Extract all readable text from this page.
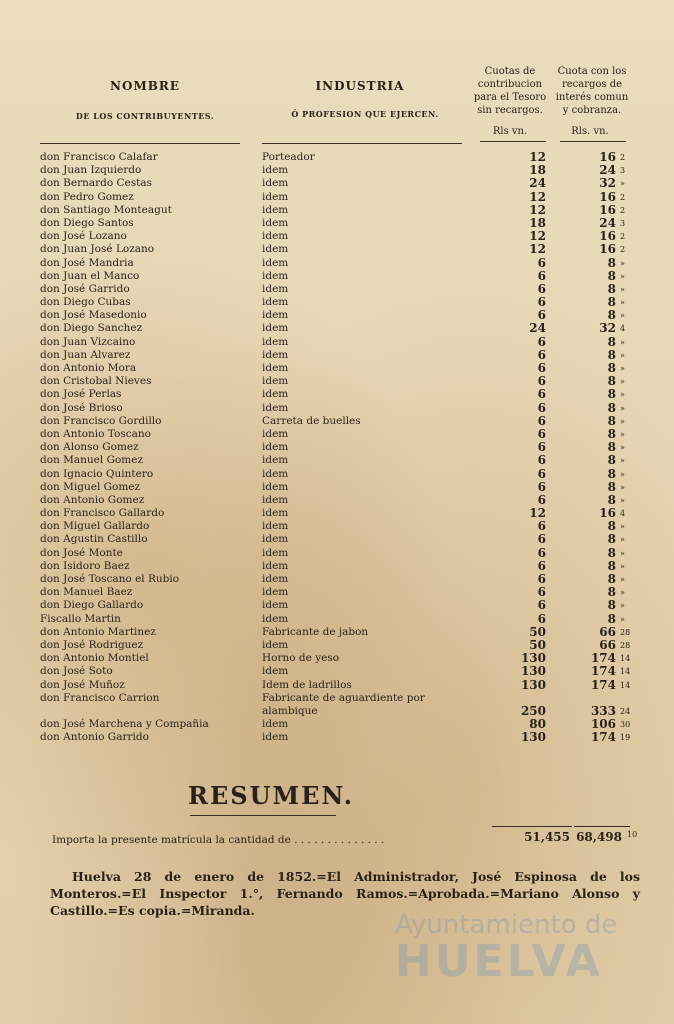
NOMBRE
DE LOS CONTRIBUYENTES.
INDUSTRIA
Ó PROFESION QUE EJERCEN.
Cuotas de contribucion para el Tesoro sin recargos.
Cuota con los recargos de interés comun y cobranza.
Rls vn.	Rls. vn.
don Francisco Calafar	Porteador	12	16 2
don Juan Izquierdo	idem	18	24 3
don Bernardo Cestas	idem	24	32 »
don Pedro Gomez	idem	12	16 2
don Santiago Monteagut	idem	12	16 2
don Diego Santos	idem	18	24 3
don José Lozano	idem	12	16 2
don Juan José Lozano	idem	12	16 2
don José Mandria	idem	6	8 »
don Juan el Manco	idem	6	8 »
don José Garrido	idem	6	8 »
don Diego Cubas	idem	6	8 »
don José Masedonio	idem	6	8 »
don Diego Sanchez	idem	24	32 4
don Juan Vizcaino	idem	6	8 »
don Juan Alvarez	idem	6	8 »
don Antonio Mora	idem	6	8 »
don Cristobal Nieves	idem	6	8 »
don José Perlas	idem	6	8 »
don José Brioso	idem	6	8 »
don Francisco Gordillo	Carreta de buelles	6	8 »
don Antonio Toscano	idem	6	8 »
don Alonso Gomez	idem	6	8 »
don Manuel Gomez	idem	6	8 »
don Ignacio Quintero	idem	6	8 »
don Miguel Gomez	idem	6	8 »
don Antonio Gomez	idem	6	8 »
don Francisco Gallardo	idem	12	16 4
don Miguel Gallardo	idem	6	8 »
don Agustin Castillo	idem	6	8 »
don José Monte	idem	6	8 »
don Isidoro Baez	idem	6	8 »
don José Toscano el Rubio	idem	6	8 »
don Manuel Baez	idem	6	8 »
don Diego Gallardo	idem	6	8 »
Fiscallo Martin	idem	6	8 »
don Antonio Martinez	Fabricante de jabon	50	66 28
don José Rodriguez	idem	50	66 28
don Antonio Montiel	Horno de yeso	130	174 14
don José Soto	idem	130	174 14
don José Muñoz	Idem de ladrillos	130	174 14
don Francisco Carrion	Fabricante de aguardiente por alambique	250	333 24
don José Marchena y Compañia	idem	80	106 30
don Antonio Garrido	idem	130	174 19
RESUMEN.
Importa la presente matrícula la cantidad de . . . . . . . . . . . . . .	51,455 68,498 10
Huelva 28 de enero de 1852.=El Administrador, José Espinosa de los Monteros.=El Inspector 1.°, Fernando Ramos.=Aprobada.=Mariano Alonso y Castillo.=Es copia.=Miranda.	Ayuntamiento de
HUELVA
